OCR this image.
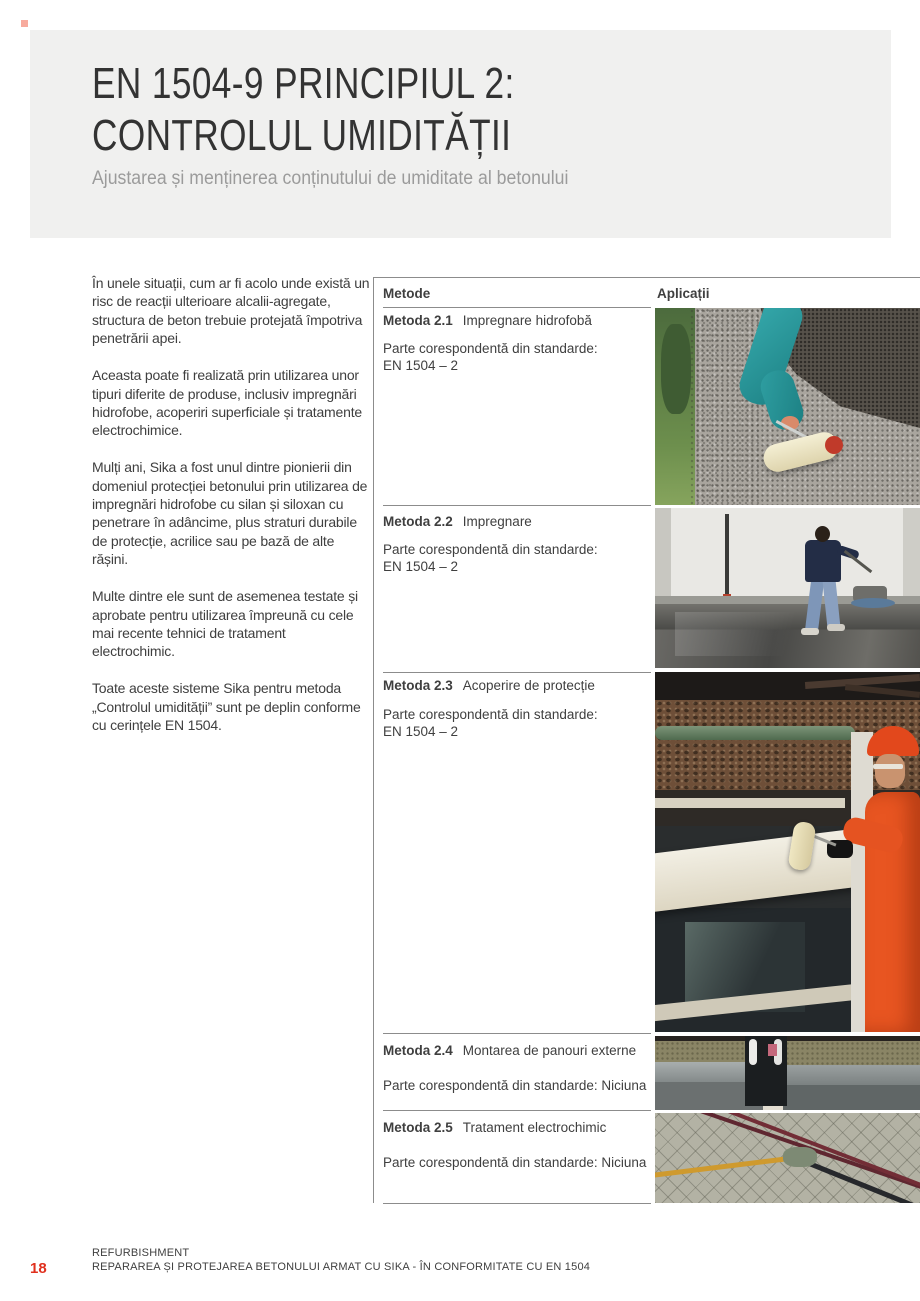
EN 1504-9 PRINCIPIUL 2:
CONTROLUL UMIDITĂȚII
Ajustarea și menținerea conținutului de umiditate al betonului

În unele situații, cum ar fi acolo unde există un risc de reacții ulterioare alcalii-agregate, structura de beton trebuie protejată împotriva penetrării apei.

Aceasta poate fi realizată prin utilizarea unor tipuri diferite de produse, inclusiv impregnări hidrofobe, acoperiri superficiale și tratamente electrochimice.

Mulți ani, Sika a fost unul dintre pionierii din domeniul protecției betonului prin utilizarea de impregnări hidrofobe cu silan și siloxan cu penetrare în adâncime, plus straturi durabile de protecție, acrilice sau pe bază de alte rășini.

Multe dintre ele sunt de asemenea testate și aprobate pentru utilizarea împreună cu cele mai recente tehnici de tratament electrochimic.

Toate aceste sisteme Sika pentru metoda „Controlul umidității” sunt pe deplin conforme cu cerințele EN 1504.

Metode	Aplicații
Metoda 2.1 Impregnare hidrofobă
Parte corespondentă din standarde:
EN 1504 – 2
Metoda 2.2 Impregnare
Parte corespondentă din standarde:
EN 1504 – 2
Metoda 2.3 Acoperire de protecție
Parte corespondentă din standarde:
EN 1504 – 2
Metoda 2.4 Montarea de panouri externe
Parte corespondentă din standarde: Niciuna
Metoda 2.5 Tratament electrochimic
Parte corespondentă din standarde: Niciuna
18
REFURBISHMENT
REPARAREA ȘI PROTEJAREA BETONULUI ARMAT CU SIKA - ÎN CONFORMITATE CU EN 1504
